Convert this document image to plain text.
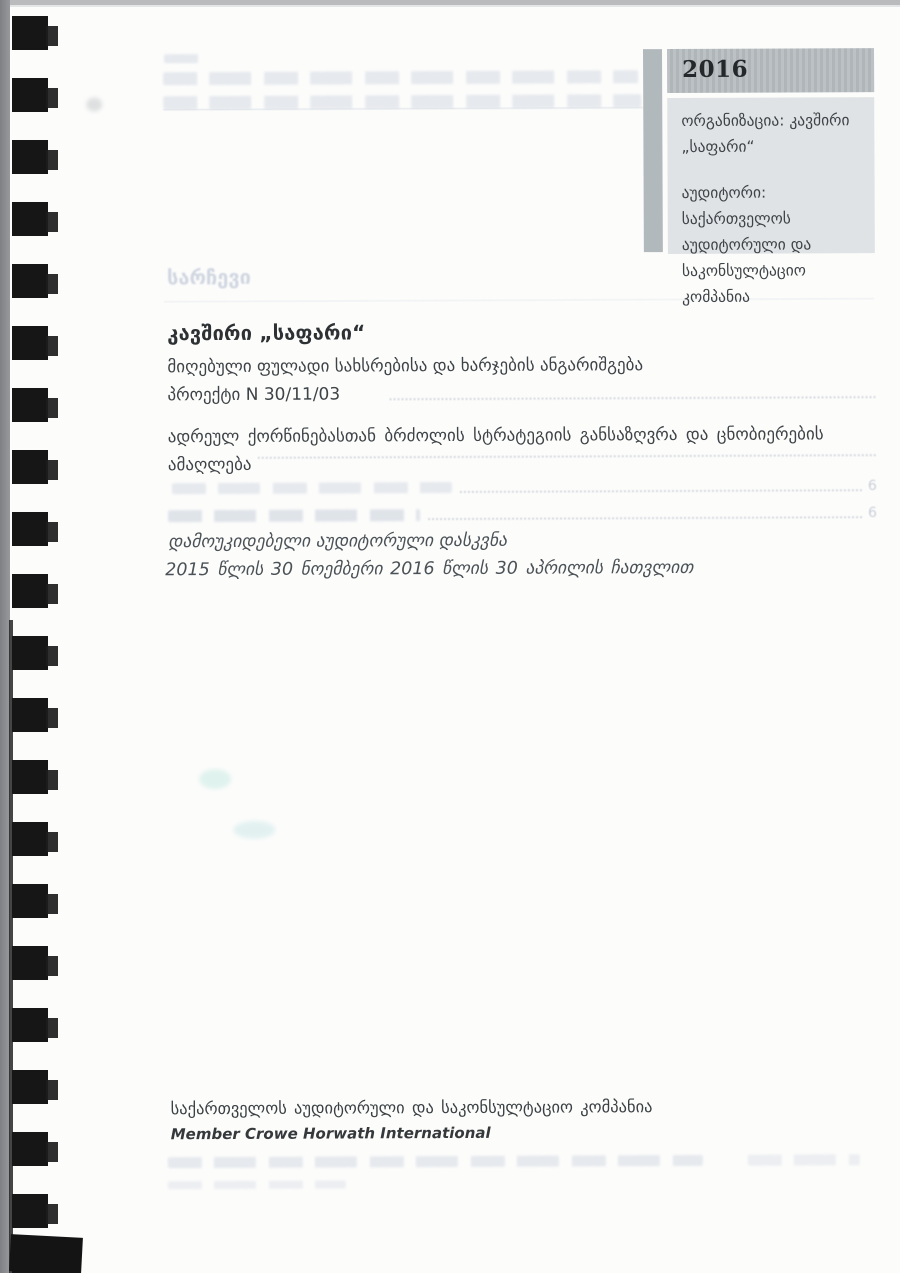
სარჩევი
6
6
2016
ორგანიზაცია: კავშირი
„საფარი“
აუდიტორი: საქართველოს
აუდიტორული და
საკონსულტაციო
კომპანია
კავშირი „საფარი“
მიღებული ფულადი სახსრებისა და ხარჯების ანგარიშგება
პროექტი N 30/11/03
ადრეულ ქორწინებასთან ბრძოლის სტრატეგიის განსაზღვრა და ცნობიერების
ამაღლება
დამოუკიდებელი აუდიტორული დასკვნა
2015 წლის 30 ნოემბერი 2016 წლის 30 აპრილის ჩათვლით
საქართველოს აუდიტორული და საკონსულტაციო კომპანია
Member Crowe Horwath International
